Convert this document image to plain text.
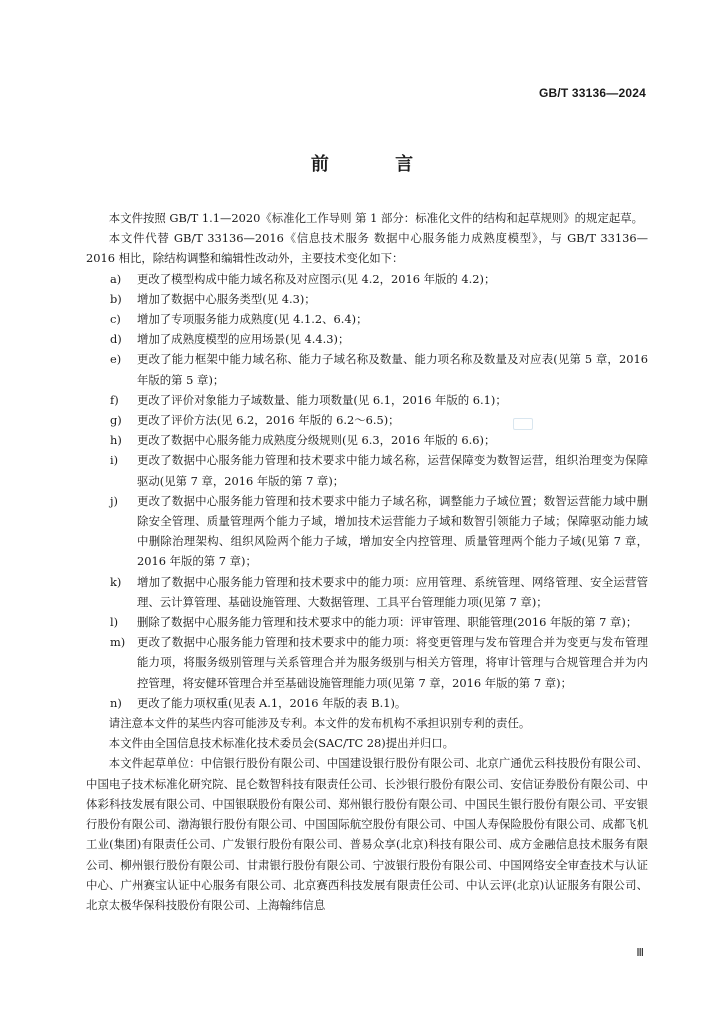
GB/T 33136—2024
前 言

本文件按照 GB/T 1.1—2020《标准化工作导则 第 1 部分：标准化文件的结构和起草规则》的规定起草。

本文件代替 GB/T 33136—2016《信息技术服务 数据中心服务能力成熟度模型》，与 GB/T 33136—2016 相比，除结构调整和编辑性改动外，主要技术变化如下：

a)	更改了模型构成中能力域名称及对应图示(见 4.2，2016 年版的 4.2)；
b)	增加了数据中心服务类型(见 4.3)；
c)	增加了专项服务能力成熟度(见 4.1.2、6.4)；
d)	增加了成熟度模型的应用场景(见 4.4.3)；
e)	更改了能力框架中能力域名称、能力子域名称及数量、能力项名称及数量及对应表(见第 5 章，2016 年版的第 5 章)；
f)	更改了评价对象能力子域数量、能力项数量(见 6.1，2016 年版的 6.1)；
g)	更改了评价方法(见 6.2，2016 年版的 6.2～6.5)；
h)	更改了数据中心服务能力成熟度分级规则(见 6.3，2016 年版的 6.6)；
i)	更改了数据中心服务能力管理和技术要求中能力域名称，运营保障变为数智运营，组织治理变为保障驱动(见第 7 章，2016 年版的第 7 章)；
j)	更改了数据中心服务能力管理和技术要求中能力子域名称，调整能力子域位置；数智运营能力域中删除安全管理、质量管理两个能力子域，增加技术运营能力子域和数智引领能力子域；保障驱动能力域中删除治理架构、组织风险两个能力子域，增加安全内控管理、质量管理两个能力子域(见第 7 章，2016 年版的第 7 章)；
k)	增加了数据中心服务能力管理和技术要求中的能力项：应用管理、系统管理、网络管理、安全运营管理、云计算管理、基础设施管理、大数据管理、工具平台管理能力项(见第 7 章)；
l)	删除了数据中心服务能力管理和技术要求中的能力项：评审管理、职能管理(2016 年版的第 7 章)；
m)	更改了数据中心服务能力管理和技术要求中的能力项：将变更管理与发布管理合并为变更与发布管理能力项，将服务级别管理与关系管理合并为服务级别与相关方管理，将审计管理与合规管理合并为内控管理，将安健环管理合并至基础设施管理能力项(见第 7 章，2016 年版的第 7 章)；
n)	更改了能力项权重(见表 A.1，2016 年版的表 B.1)。

请注意本文件的某些内容可能涉及专利。本文件的发布机构不承担识别专利的责任。

本文件由全国信息技术标准化技术委员会(SAC/TC 28)提出并归口。

本文件起草单位：中信银行股份有限公司、中国建设银行股份有限公司、北京广通优云科技股份有限公司、中国电子技术标准化研究院、昆仑数智科技有限责任公司、长沙银行股份有限公司、安信证券股份有限公司、中体彩科技发展有限公司、中国银联股份有限公司、郑州银行股份有限公司、中国民生银行股份有限公司、平安银行股份有限公司、渤海银行股份有限公司、中国国际航空股份有限公司、中国人寿保险股份有限公司、成都飞机工业(集团)有限责任公司、广发银行股份有限公司、普易众享(北京)科技有限公司、成方金融信息技术服务有限公司、柳州银行股份有限公司、甘肃银行股份有限公司、宁波银行股份有限公司、中国网络安全审查技术与认证中心、广州赛宝认证中心服务有限公司、北京赛西科技发展有限责任公司、中认云评(北京)认证服务有限公司、北京太极华保科技股份有限公司、上海翰纬信息

Ⅲ
